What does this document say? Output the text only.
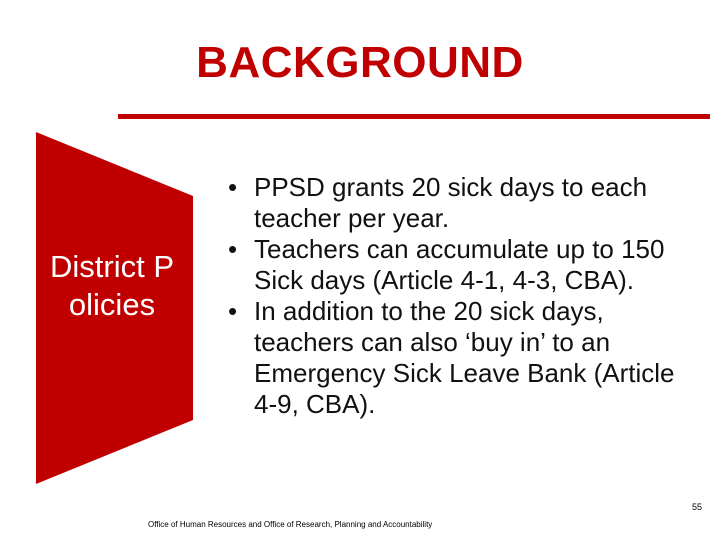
BACKGROUND
District Policies
• PPSD grants 20 sick days to each teacher per year.
• Teachers can accumulate up to 150 Sick days (Article 4-1, 4-3, CBA).
• In addition to the 20 sick days, teachers can also ‘buy in’ to an Emergency Sick Leave Bank (Article 4-9, CBA).
Office of Human Resources and Office of Research, Planning and Accountability
55
